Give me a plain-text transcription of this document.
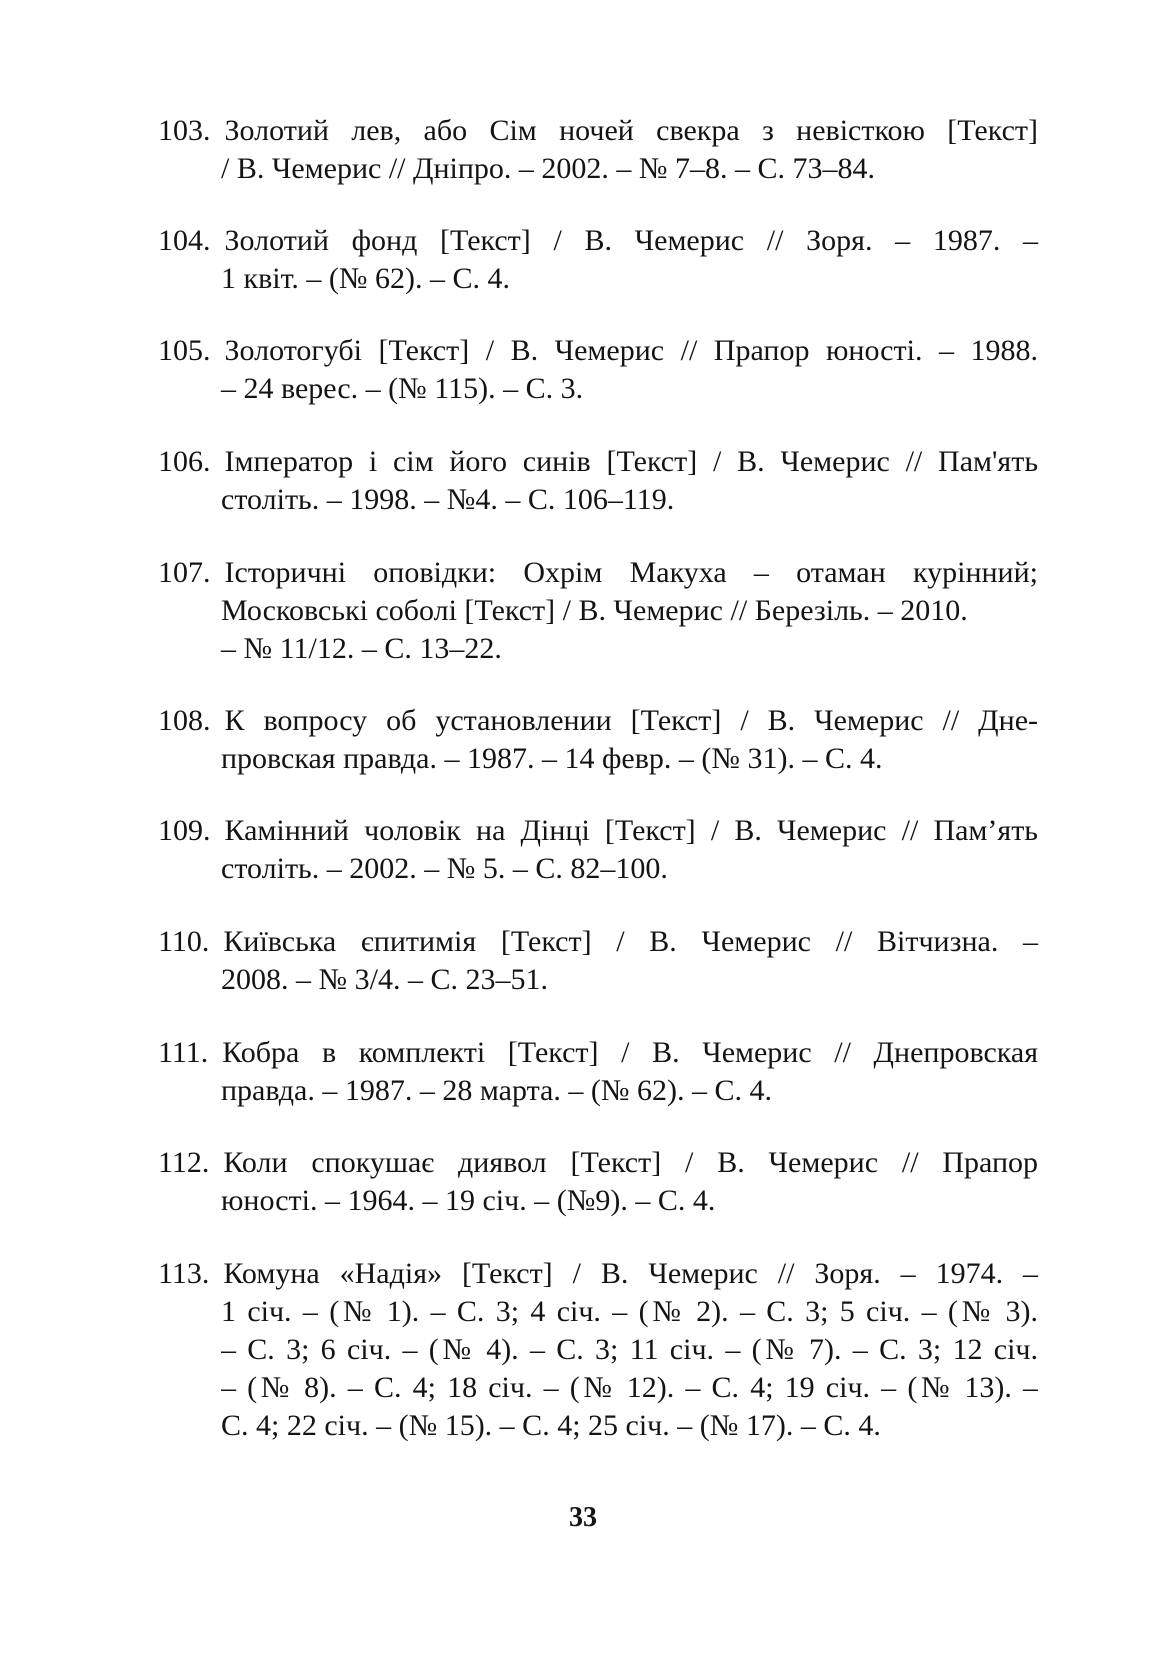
103. Золотий лев, або Сім ночей свекра з невісткою [Текст]
/ В. Чемерис // Дніпро. – 2002. – № 7–8. – С. 73–84.
104. Золотий фонд [Текст] / В. Чемерис // Зоря. – 1987. –
1 квіт. – (№ 62). – С. 4.
105. Золотогубі [Текст] / В. Чемерис // Прапор юності. – 1988.
– 24 верес. – (№ 115). – С. 3.
106. Імператор і сім його синів [Текст] / В. Чемерис // Пам'ять
століть. – 1998. – №4. – С. 106–119.
107. Історичні оповідки: Охрім Макуха – отаман курінний;
Московські соболі [Текст] / В. Чемерис // Березіль. – 2010.
– № 11/12. – С. 13–22.
108. К вопросу об установлении [Текст] / В. Чемерис // Дне-
провская правда. – 1987. – 14 февр. – (№ 31). – С. 4.
109. Камінний чоловік на Дінці [Текст] / В. Чемерис // Пам’ять
століть. – 2002. – № 5. – С. 82–100.
110. Київська єпитимія [Текст] / В. Чемерис // Вітчизна. –
2008. – № 3/4. – С. 23–51.
111. Кобра в комплекті [Текст] / В. Чемерис // Днепровская
правда. – 1987. – 28 марта. – (№ 62). – С. 4.
112. Коли спокушає диявол [Текст] / В. Чемерис // Прапор
юності. – 1964. – 19 січ. – (№9). – С. 4.
113. Комуна «Надія» [Текст] / В. Чемерис // Зоря. – 1974. –
1 січ. – (№ 1). – С. 3; 4 січ. – (№ 2). – С. 3; 5 січ. – (№ 3).
– С. 3; 6 січ. – (№ 4). – С. 3; 11 січ. – (№ 7). – С. 3; 12 січ.
– (№ 8). – С. 4; 18 січ. – (№ 12). – С. 4; 19 січ. – (№ 13). –
С. 4; 22 січ. – (№ 15). – С. 4; 25 січ. – (№ 17). – С. 4.
33
